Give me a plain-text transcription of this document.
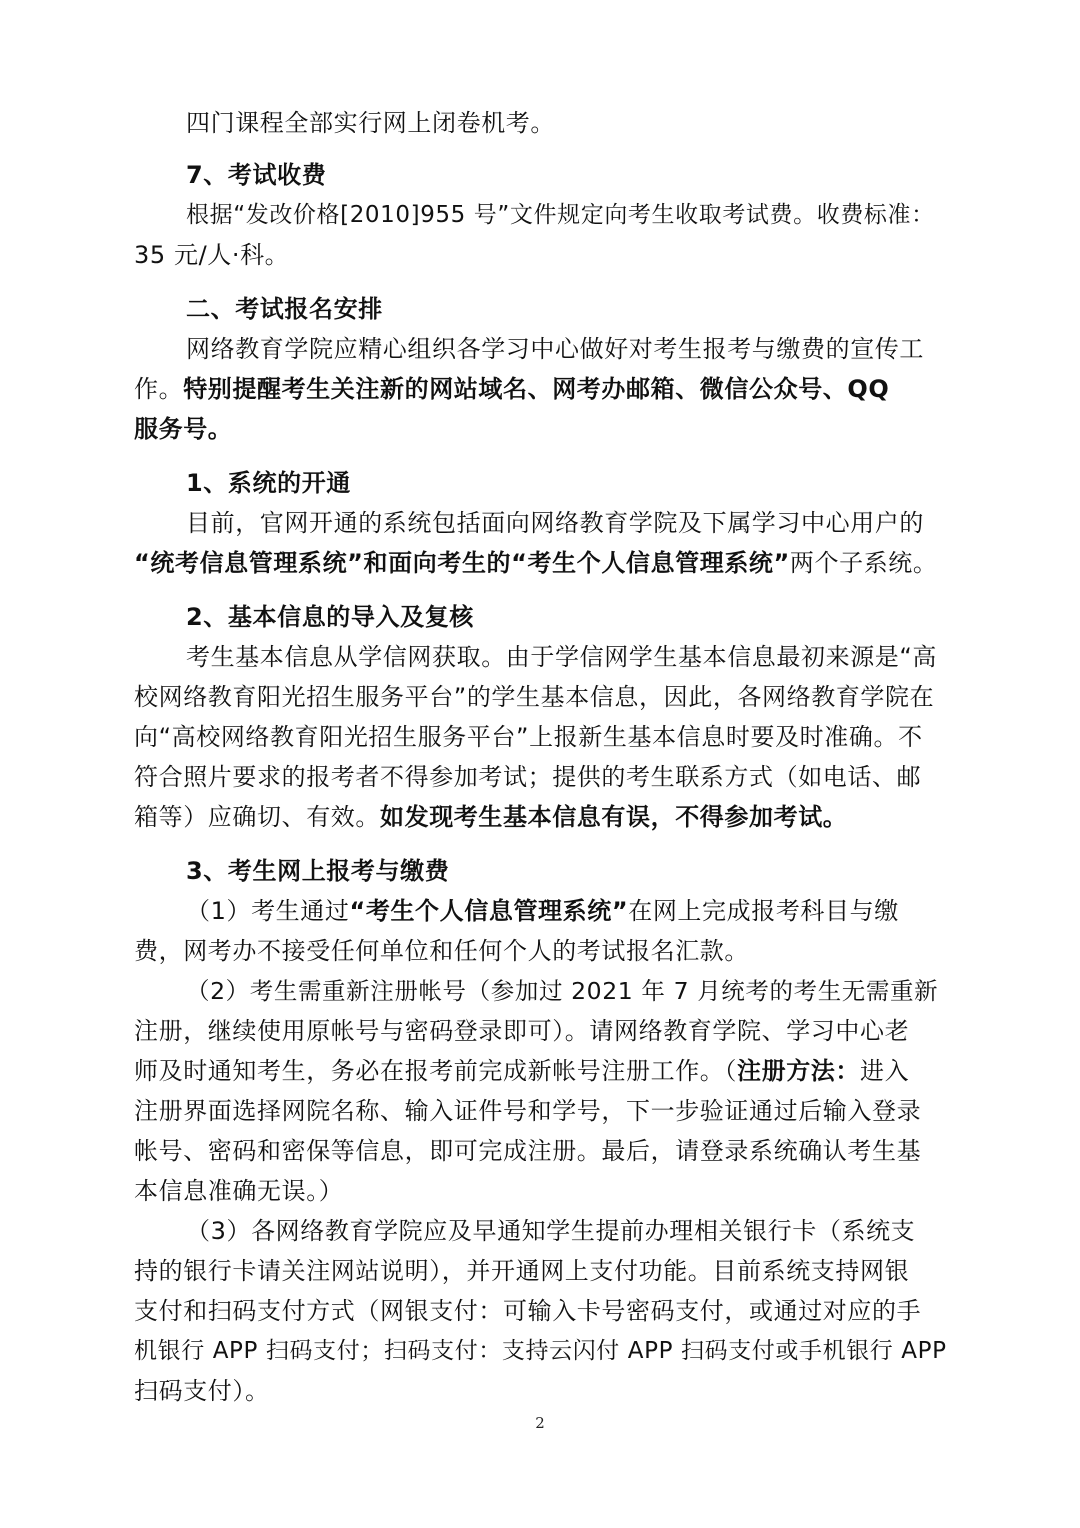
四门课程全部实行网上闭卷机考。
7、考试收费
根据“发改价格[2010]955 号”文件规定向考生收取考试费。收费标准：
35 元/人·科。
二、考试报名安排
网络教育学院应精心组织各学习中心做好对考生报考与缴费的宣传工
作。特别提醒考生关注新的网站域名、网考办邮箱、微信公众号、QQ
服务号。
1、系统的开通
目前，官网开通的系统包括面向网络教育学院及下属学习中心用户的
“统考信息管理系统”和面向考生的“考生个人信息管理系统”两个子系统。
2、基本信息的导入及复核
考生基本信息从学信网获取。由于学信网学生基本信息最初来源是“高
校网络教育阳光招生服务平台”的学生基本信息，因此，各网络教育学院在
向“高校网络教育阳光招生服务平台”上报新生基本信息时要及时准确。不
符合照片要求的报考者不得参加考试；提供的考生联系方式（如电话、邮
箱等）应确切、有效。如发现考生基本信息有误，不得参加考试。
3、考生网上报考与缴费
（1）考生通过“考生个人信息管理系统”在网上完成报考科目与缴
费，网考办不接受任何单位和任何个人的考试报名汇款。
（2）考生需重新注册帐号（参加过 2021 年 7 月统考的考生无需重新
注册，继续使用原帐号与密码登录即可）。请网络教育学院、学习中心老
师及时通知考生，务必在报考前完成新帐号注册工作。（注册方法：进入
注册界面选择网院名称、输入证件号和学号，下一步验证通过后输入登录
帐号、密码和密保等信息，即可完成注册。最后，请登录系统确认考生基
本信息准确无误。）
（3）各网络教育学院应及早通知学生提前办理相关银行卡（系统支
持的银行卡请关注网站说明），并开通网上支付功能。目前系统支持网银
支付和扫码支付方式（网银支付：可输入卡号密码支付，或通过对应的手
机银行 APP 扫码支付；扫码支付：支持云闪付 APP 扫码支付或手机银行 APP
扫码支付）。
2
